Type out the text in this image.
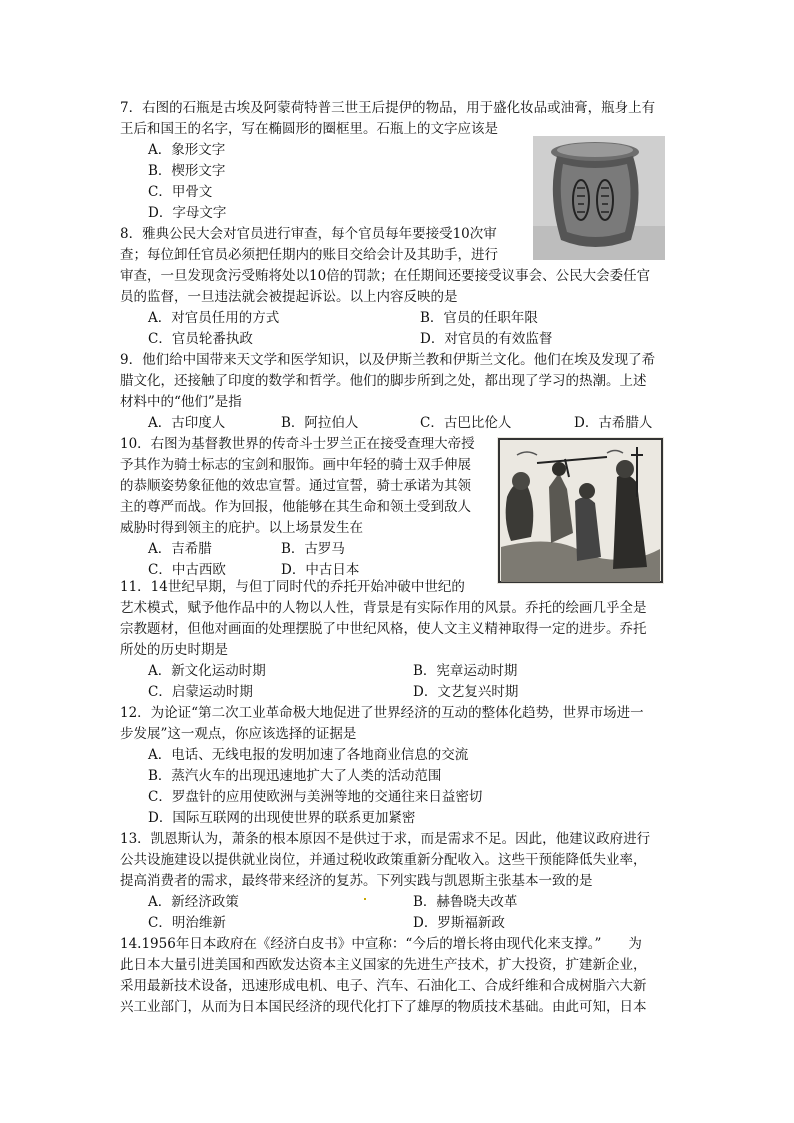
7．右图的石瓶是古埃及阿蒙荷特普三世王后提伊的物品，用于盛化妆品或油膏，瓶身上有
王后和国王的名字，写在椭圆形的圈框里。石瓶上的文字应该是
A．象形文字
B．楔形文字
C．甲骨文
D．字母文字
8．雅典公民大会对官员进行审查，每个官员每年要接受10次审
查；每位卸任官员必须把任期内的账目交给会计及其助手，进行
审查，一旦发现贪污受贿将处以10倍的罚款；在任期间还要接受议事会、公民大会委任官
员的监督，一旦违法就会被提起诉讼。以上内容反映的是
A．对官员任用的方式	B．官员的任职年限
C．官员轮番执政	D．对官员的有效监督
9．他们给中国带来天文学和医学知识，以及伊斯兰教和伊斯兰文化。他们在埃及发现了希
腊文化，还接触了印度的数学和哲学。他们的脚步所到之处，都出现了学习的热潮。上述
材料中的“他们”是指
A．古印度人	B．阿拉伯人	C．古巴比伦人	D．古希腊人
10．右图为基督教世界的传奇斗士罗兰正在接受查理大帝授
予其作为骑士标志的宝剑和服饰。画中年轻的骑士双手伸展
的恭顺姿势象征他的效忠宣誓。通过宣誓，骑士承诺为其领
主的尊严而战。作为回报，他能够在其生命和领土受到敌人
威胁时得到领主的庇护。以上场景发生在
A．吉希腊	B．古罗马
C．中古西欧	D．中古日本
11．14世纪早期，与但丁同时代的乔托开始冲破中世纪的
艺术模式，赋予他作品中的人物以人性，背景是有实际作用的风景。乔托的绘画几乎全是
宗教题材，但他对画面的处理摆脱了中世纪风格，使人文主义精神取得一定的进步。乔托
所处的历史时期是
A．新文化运动时期	B．宪章运动时期
C．启蒙运动时期	D．文艺复兴时期
12．为论证“第二次工业革命极大地促进了世界经济的互动的整体化趋势，世界市场进一
步发展”这一观点，你应该选择的证据是
A．电话、无线电报的发明加速了各地商业信息的交流
B．蒸汽火车的出现迅速地扩大了人类的活动范围
C．罗盘针的应用使欧洲与美洲等地的交通往来日益密切
D．国际互联网的出现使世界的联系更加紧密
13．凯恩斯认为，萧条的根本原因不是供过于求，而是需求不足。因此，他建议政府进行
公共设施建设以提供就业岗位，并通过税收政策重新分配收入。这些干预能降低失业率，
提高消费者的需求，最终带来经济的复苏。下列实践与凯恩斯主张基本一致的是
A．新经济政策	B．赫鲁晓夫改革
C．明治维新	D．罗斯福新政
14.1956年日本政府在《经济白皮书》中宣称：“今后的增长将由现代化来支撑。”　　为
此日本大量引进美国和西欧发达资本主义国家的先进生产技术，扩大投资，扩建新企业，
采用最新技术设备，迅速形成电机、电子、汽车、石油化工、合成纤维和合成树脂六大新
兴工业部门，从而为日本国民经济的现代化打下了雄厚的物质技术基础。由此可知，日本
